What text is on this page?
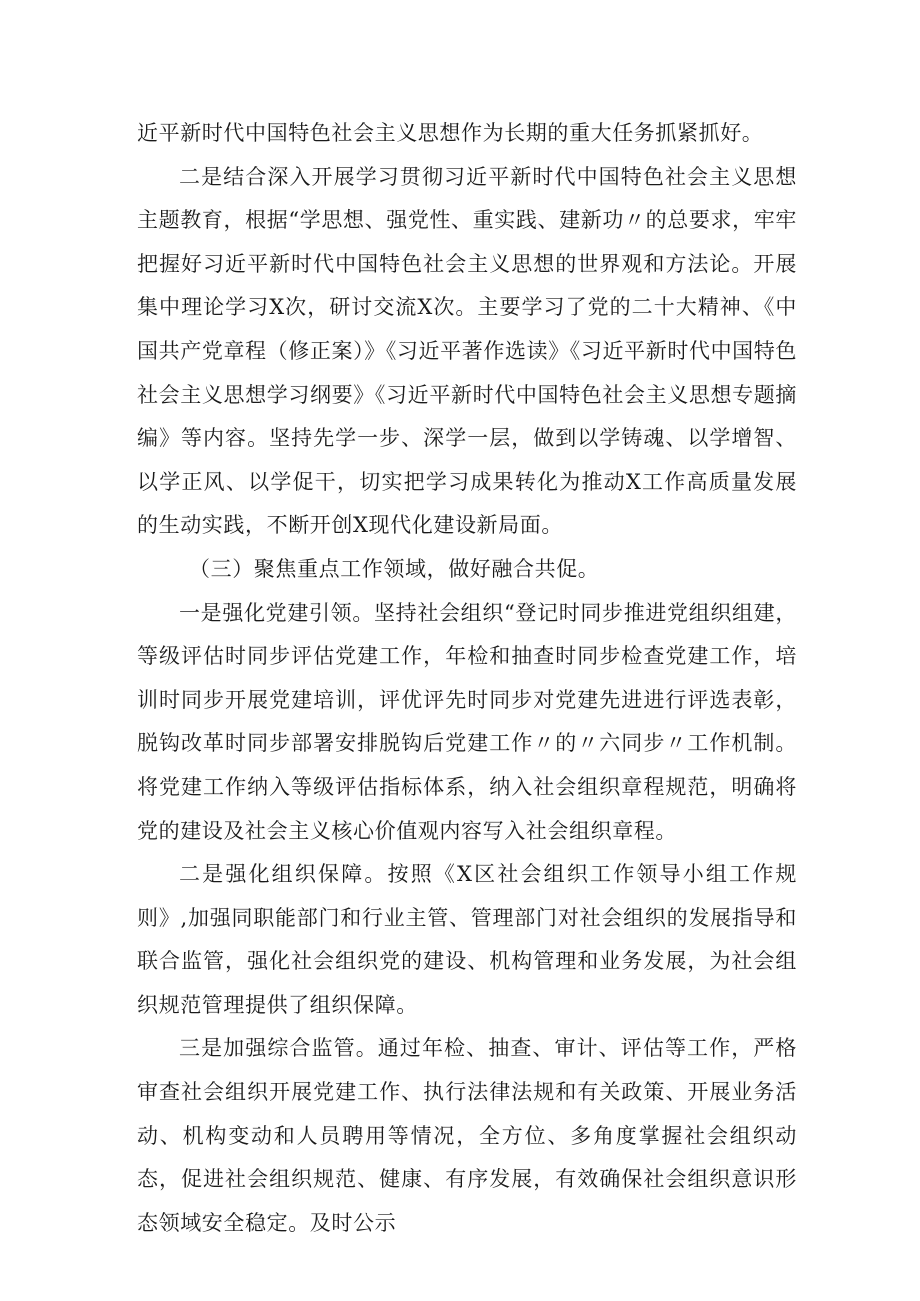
近平新时代中国特色社会主义思想作为长期的重大任务抓紧抓好。

二是结合深入开展学习贯彻习近平新时代中国特色社会主义思想主题教育，根据“学思想、强党性、重实践、建新功〃的总要求，牢牢把握好习近平新时代中国特色社会主义思想的世界观和方法论。开展集中理论学习X次，研讨交流X次。主要学习了党的二十大精神、《中国共产党章程（修正案）》《习近平著作选读》《习近平新时代中国特色社会主义思想学习纲要》《习近平新时代中国特色社会主义思想专题摘编》等内容。坚持先学一步、深学一层，做到以学铸魂、以学增智、以学正风、以学促干，切实把学习成果转化为推动X工作高质量发展的生动实践，不断开创X现代化建设新局面。

（三）聚焦重点工作领域，做好融合共促。

一是强化党建引领。坚持社会组织“登记时同步推进党组织组建，等级评估时同步评估党建工作，年检和抽查时同步检查党建工作，培训时同步开展党建培训，评优评先时同步对党建先进进行评选表彰，脱钩改革时同步部署安排脱钩后党建工作〃的〃六同步〃工作机制。将党建工作纳入等级评估指标体系，纳入社会组织章程规范，明确将党的建设及社会主义核心价值观内容写入社会组织章程。

二是强化组织保障。按照《X区社会组织工作领导小组工作规则》,加强同职能部门和行业主管、管理部门对社会组织的发展指导和联合监管，强化社会组织党的建设、机构管理和业务发展，为社会组织规范管理提供了组织保障。

三是加强综合监管。通过年检、抽查、审计、评估等工作，严格审查社会组织开展党建工作、执行法律法规和有关政策、开展业务活动、机构变动和人员聘用等情况，全方位、多角度掌握社会组织动态，促进社会组织规范、健康、有序发展，有效确保社会组织意识形态领域安全稳定。及时公示
